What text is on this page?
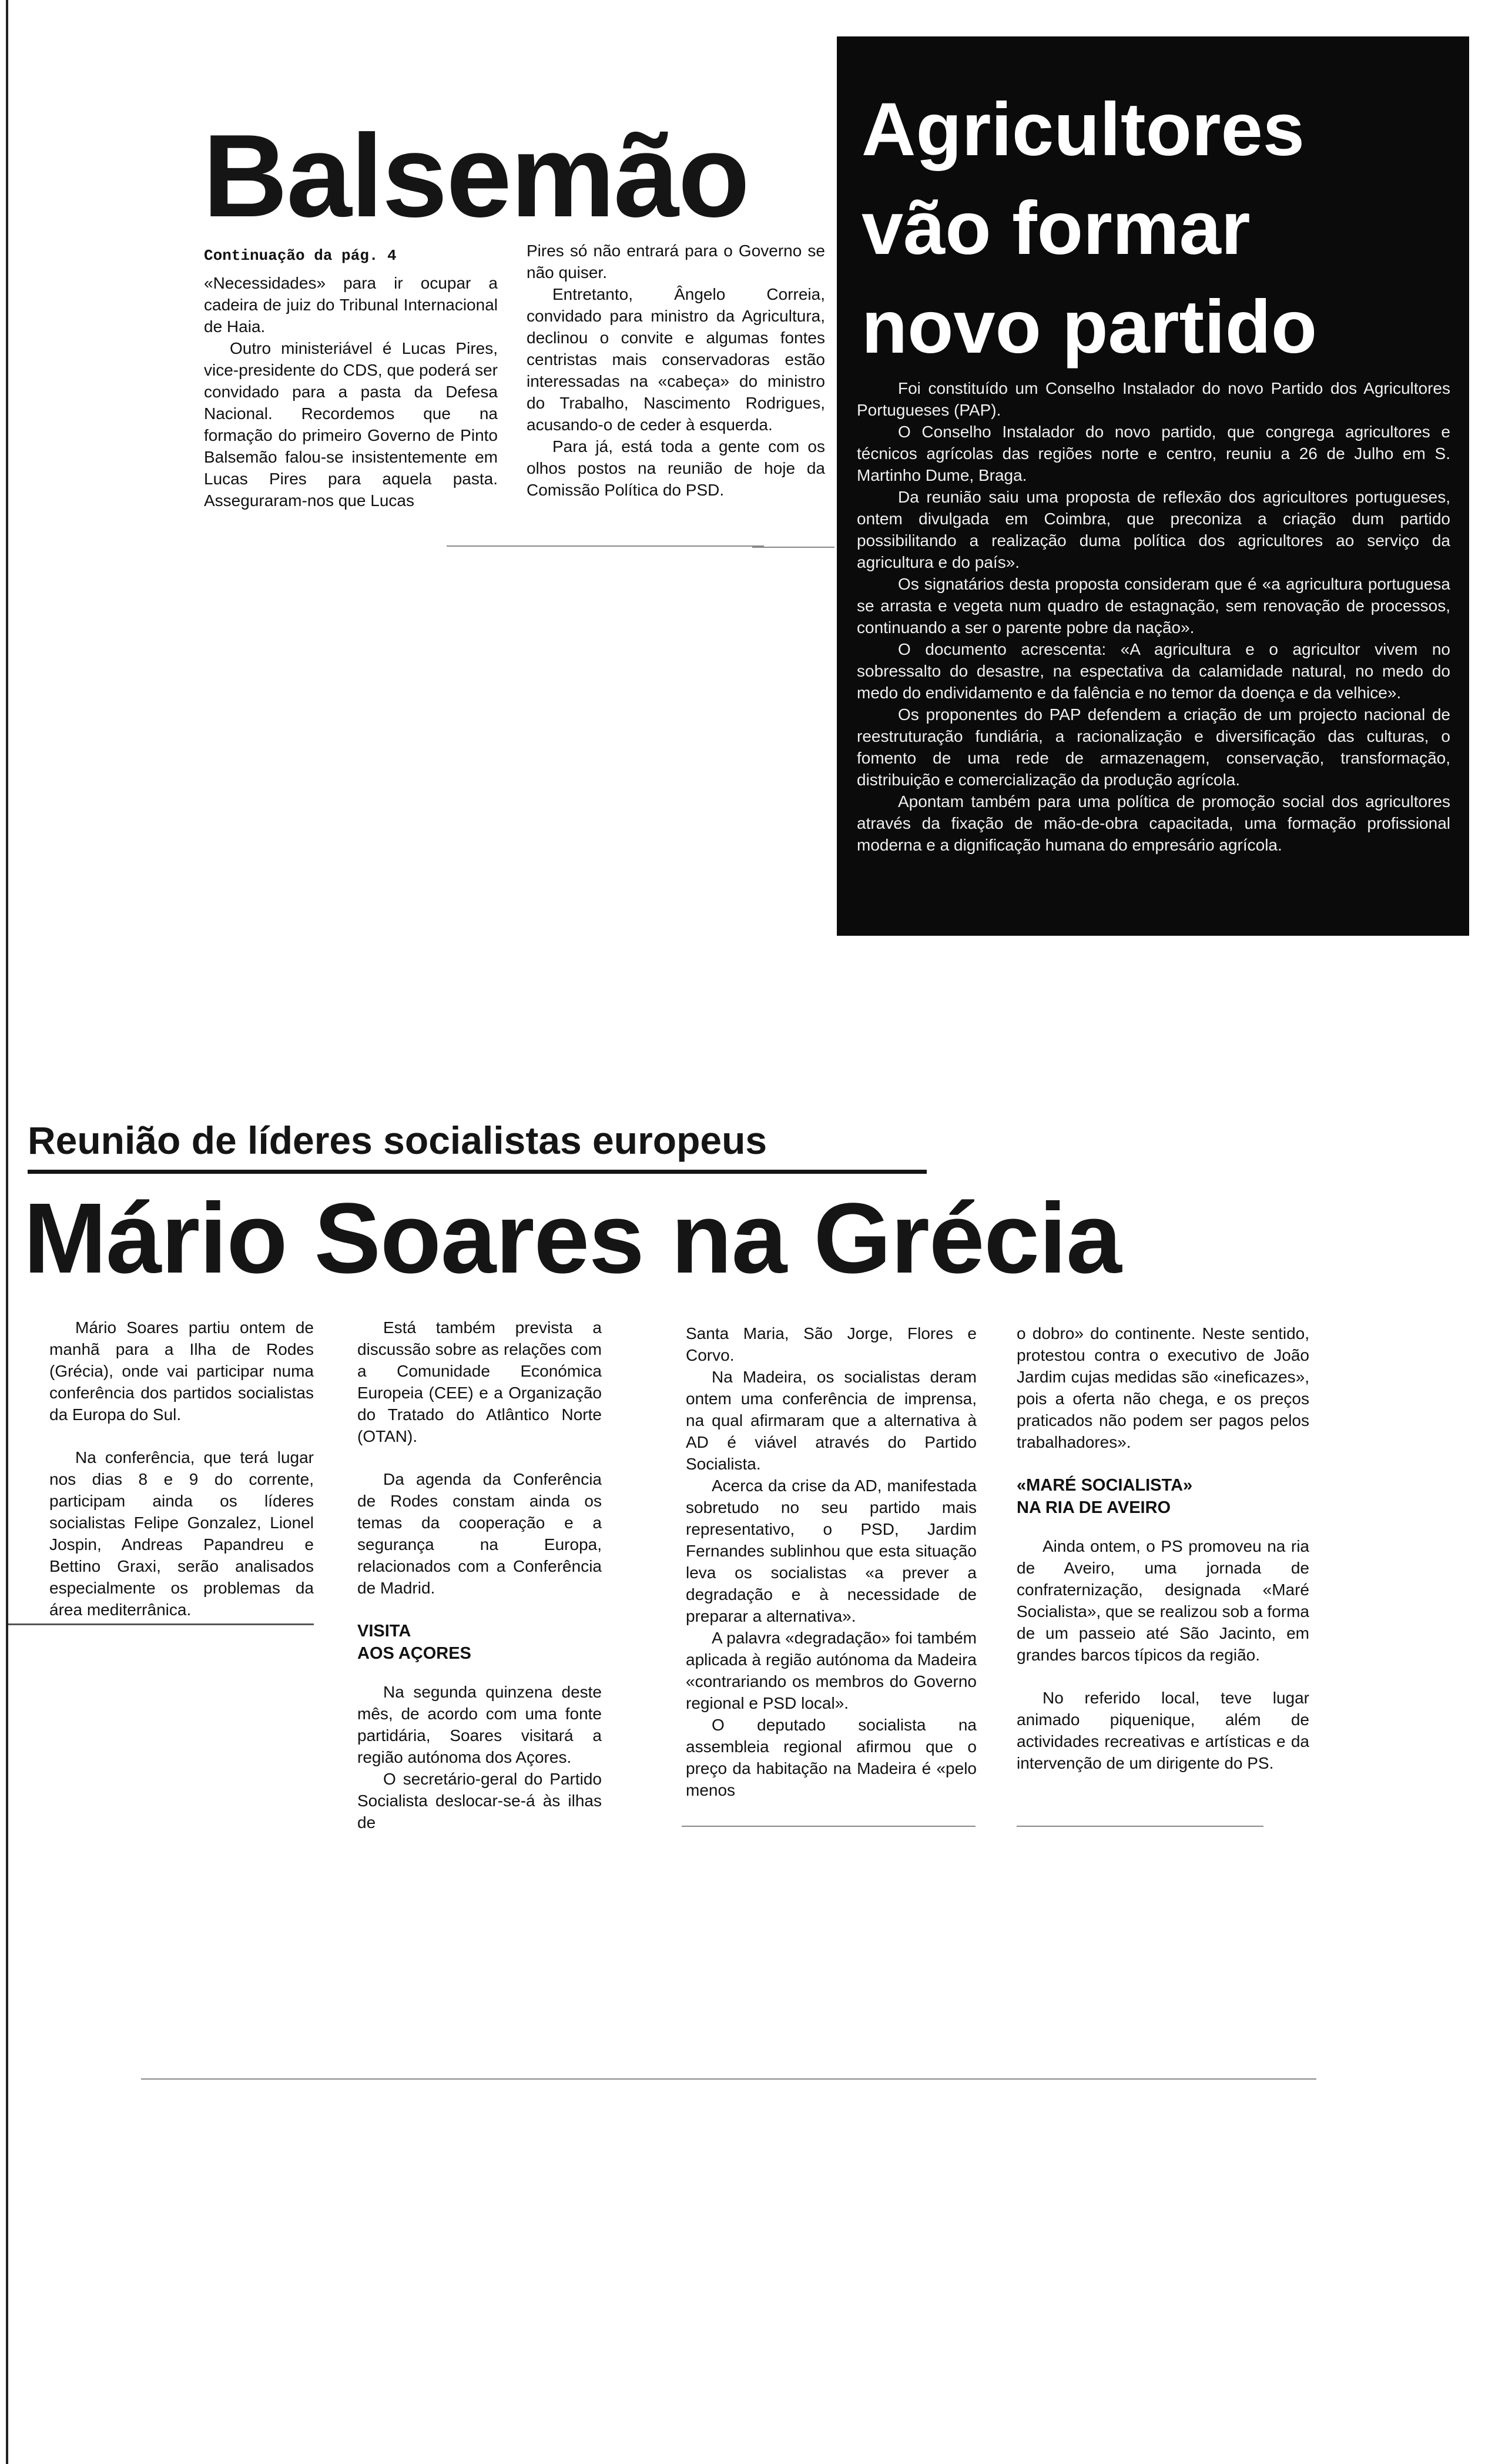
Balsemão
Continuação da pág. 4

«Necessidades» para ir ocupar a cadeira de juiz do Tribunal Internacional de Haia.

Outro ministeriável é Lucas Pires, vice-presidente do CDS, que poderá ser convidado para a pasta da Defesa Nacional. Recordemos que na formação do primeiro Governo de Pinto Balsemão falou-se insistentemente em Lucas Pires para aquela pasta. Asseguraram-nos que Lucas

Pires só não entrará para o Governo se não quiser.

Entretanto, Ângelo Correia, convidado para ministro da Agricultura, declinou o convite e algumas fontes centristas mais conservadoras estão interessadas na «cabeça» do ministro do Trabalho, Nascimento Rodrigues, acusando-o de ceder à esquerda.

Para já, está toda a gente com os olhos postos na reunião de hoje da Comissão Política do PSD.

Agricultores
vão formar
novo partido

Foi constituído um Conselho Instalador do novo Partido dos Agricultores Portugueses (PAP).

O Conselho Instalador do novo partido, que congrega agricultores e técnicos agrícolas das regiões norte e centro, reuniu a 26 de Julho em S. Martinho Dume, Braga.

Da reunião saiu uma proposta de reflexão dos agricultores portugueses, ontem divulgada em Coimbra, que preconiza a criação dum partido possibilitando a realização duma política dos agricultores ao serviço da agricultura e do país».

Os signatários desta proposta consideram que é «a agricultura portuguesa se arrasta e vegeta num quadro de estagnação, sem renovação de processos, continuando a ser o parente pobre da nação».

O documento acrescenta: «A agricultura e o agricultor vivem no sobressalto do desastre, na espectativa da calamidade natural, no medo do medo do endividamento e da falência e no temor da doença e da velhice».

Os proponentes do PAP defendem a criação de um projecto nacional de reestruturação fundiária, a racionalização e diversificação das culturas, o fomento de uma rede de armazenagem, conservação, transformação, distribuição e comercialização da produção agrícola.

Apontam também para uma política de promoção social dos agricultores através da fixação de mão-de-obra capacitada, uma formação profissional moderna e a dignificação humana do empresário agrícola.

Reunião de líderes socialistas europeus
Mário Soares na Grécia

Mário Soares partiu ontem de manhã para a Ilha de Rodes (Grécia), onde vai participar numa conferência dos partidos socialistas da Europa do Sul.

Na conferência, que terá lugar nos dias 8 e 9 do corrente, participam ainda os líderes socialistas Felipe Gonzalez, Lionel Jospin, Andreas Papandreu e Bettino Graxi, serão analisados especialmente os problemas da área mediterrânica.

Está também prevista a discussão sobre as relações com a Comunidade Económica Europeia (CEE) e a Organização do Tratado do Atlântico Norte (OTAN).

Da agenda da Conferência de Rodes constam ainda os temas da cooperação e a segurança na Europa, relacionados com a Conferência de Madrid.

VISITA
AOS AÇORES

Na segunda quinzena deste mês, de acordo com uma fonte partidária, Soares visitará a região autónoma dos Açores.

O secretário-geral do Partido Socialista deslocar-se-á às ilhas de

Santa Maria, São Jorge, Flores e Corvo.

Na Madeira, os socialistas deram ontem uma conferência de imprensa, na qual afirmaram que a alternativa à AD é viável através do Partido Socialista.

Acerca da crise da AD, manifestada sobretudo no seu partido mais representativo, o PSD, Jardim Fernandes sublinhou que esta situação leva os socialistas «a prever a degradação e à necessidade de preparar a alternativa».

A palavra «degradação» foi também aplicada à região autónoma da Madeira «contrariando os membros do Governo regional e PSD local».

O deputado socialista na assembleia regional afirmou que o preço da habitação na Madeira é «pelo menos

o dobro» do continente. Neste sentido, protestou contra o executivo de João Jardim cujas medidas são «ineficazes», pois a oferta não chega, e os preços praticados não podem ser pagos pelos trabalhadores».

«MARÉ SOCIALISTA»
NA RIA DE AVEIRO

Ainda ontem, o PS promoveu na ria de Aveiro, uma jornada de confraternização, designada «Maré Socialista», que se realizou sob a forma de um passeio até São Jacinto, em grandes barcos típicos da região.

No referido local, teve lugar animado piquenique, além de actividades recreativas e artísticas e da intervenção de um dirigente do PS.
